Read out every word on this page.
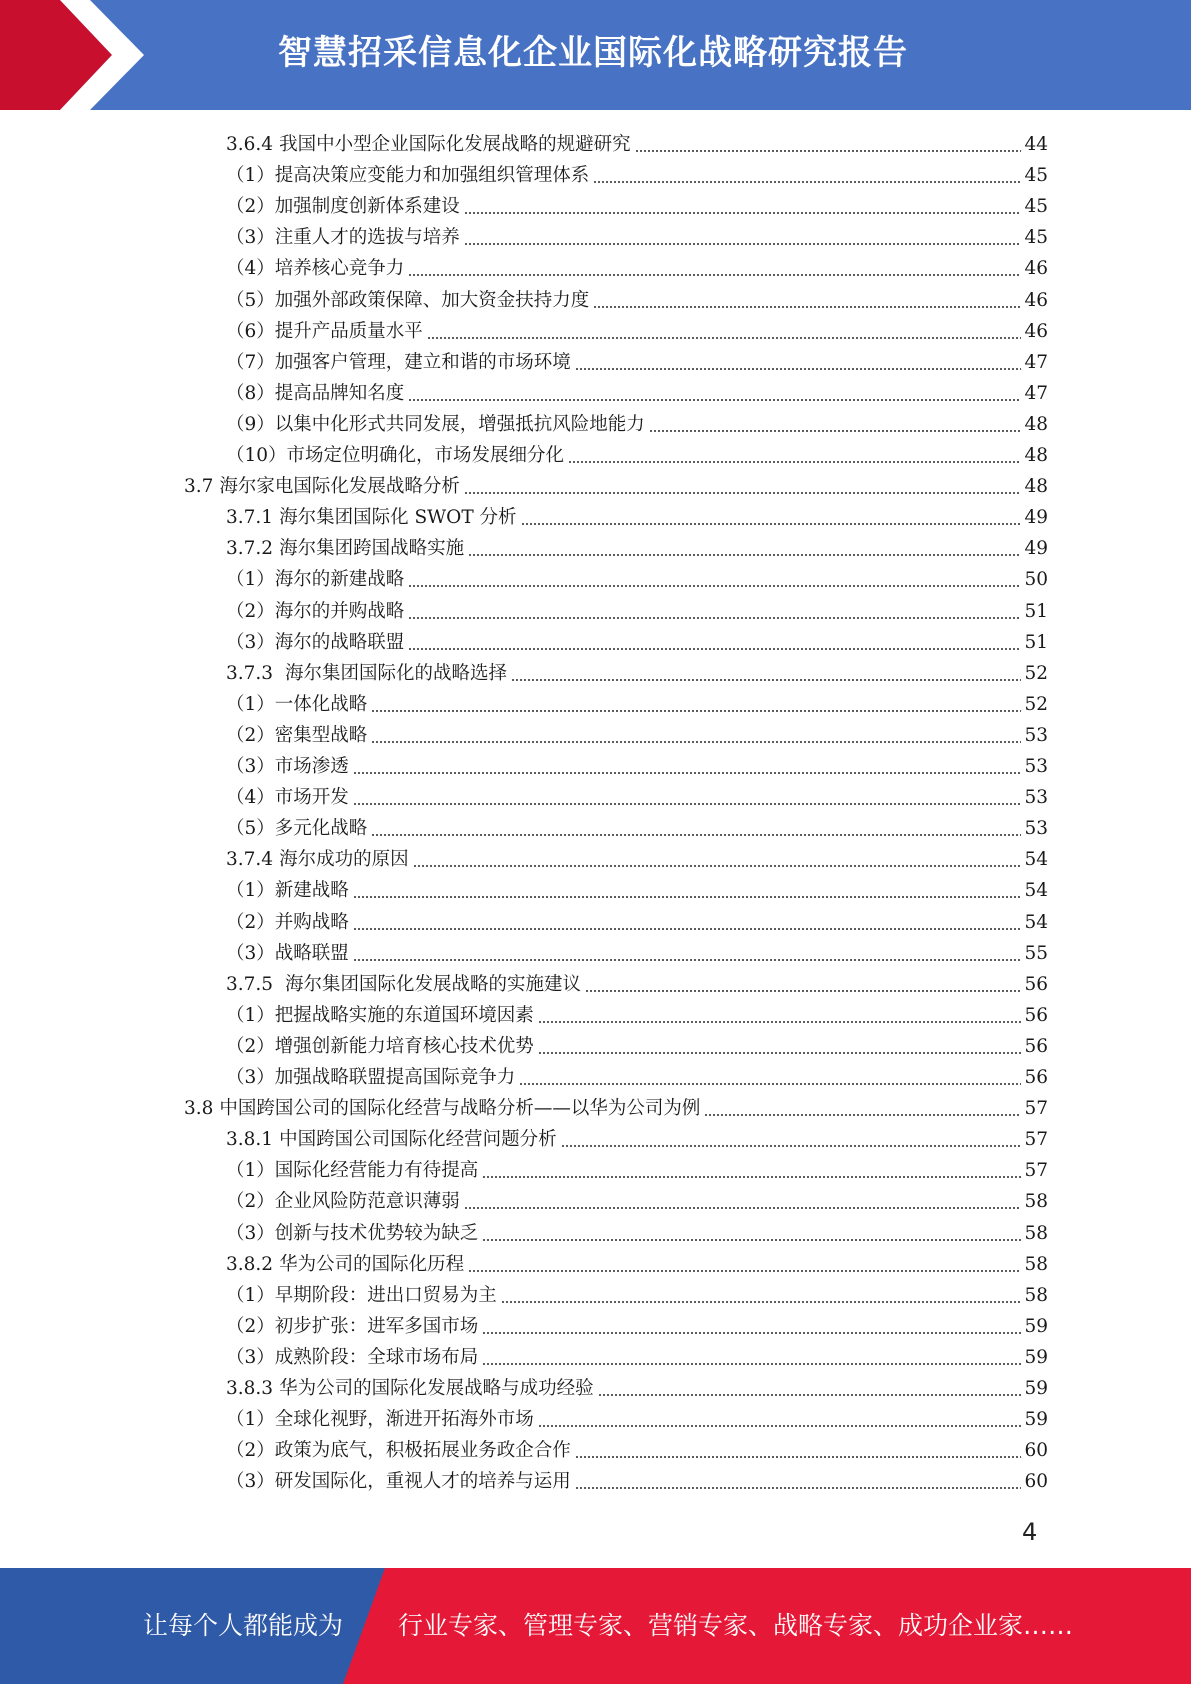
智慧招采信息化企业国际化战略研究报告
3.6.4 我国中小型企业国际化发展战略的规避研究	44
（1） 提高决策应变能力和加强组织管理体系	45
（2） 加强制度创新体系建设	45
（3） 注重人才的选拔与培养	45
（4） 培养核心竞争力	46
（5） 加强外部政策保障、加大资金扶持力度	46
（6） 提升产品质量水平	46
（7） 加强客户管理，建立和谐的市场环境	47
（8） 提高品牌知名度	47
（9） 以集中化形式共同发展，增强抵抗风险地能力	48
（10） 市场定位明确化，市场发展细分化	48
3.7 海尔家电国际化发展战略分析	48
3.7.1 海尔集团国际化 SWOT 分析	49
3.7.2 海尔集团跨国战略实施	49
（1） 海尔的新建战略	50
（2） 海尔的并购战略	51
（3） 海尔的战略联盟	51
3.7.3 海尔集团国际化的战略选择	52
（1） 一体化战略	52
（2） 密集型战略	53
（3） 市场渗透	53
（4） 市场开发	53
（5） 多元化战略	53
3.7.4 海尔成功的原因	54
（1） 新建战略	54
（2） 并购战略	54
（3） 战略联盟	55
3.7.5 海尔集团国际化发展战略的实施建议	56
（1） 把握战略实施的东道国环境因素	56
（2） 增强创新能力培育核心技术优势	56
（3） 加强战略联盟提高国际竞争力	56
3.8 中国跨国公司的国际化经营与战略分析——以华为公司为例	57
3.8.1 中国跨国公司国际化经营问题分析	57
（1） 国际化经营能力有待提高	57
（2） 企业风险防范意识薄弱	58
（3） 创新与技术优势较为缺乏	58
3.8.2 华为公司的国际化历程	58
（1） 早期阶段：进出口贸易为主	58
（2） 初步扩张：进军多国市场	59
（3） 成熟阶段：全球市场布局	59
3.8.3 华为公司的国际化发展战略与成功经验	59
（1） 全球化视野，渐进开拓海外市场	59
（2） 政策为底气，积极拓展业务政企合作	60
（3） 研发国际化，重视人才的培养与运用	60
4
让每个人都能成为 行业专家、管理专家、营销专家、战略专家、成功企业家……
